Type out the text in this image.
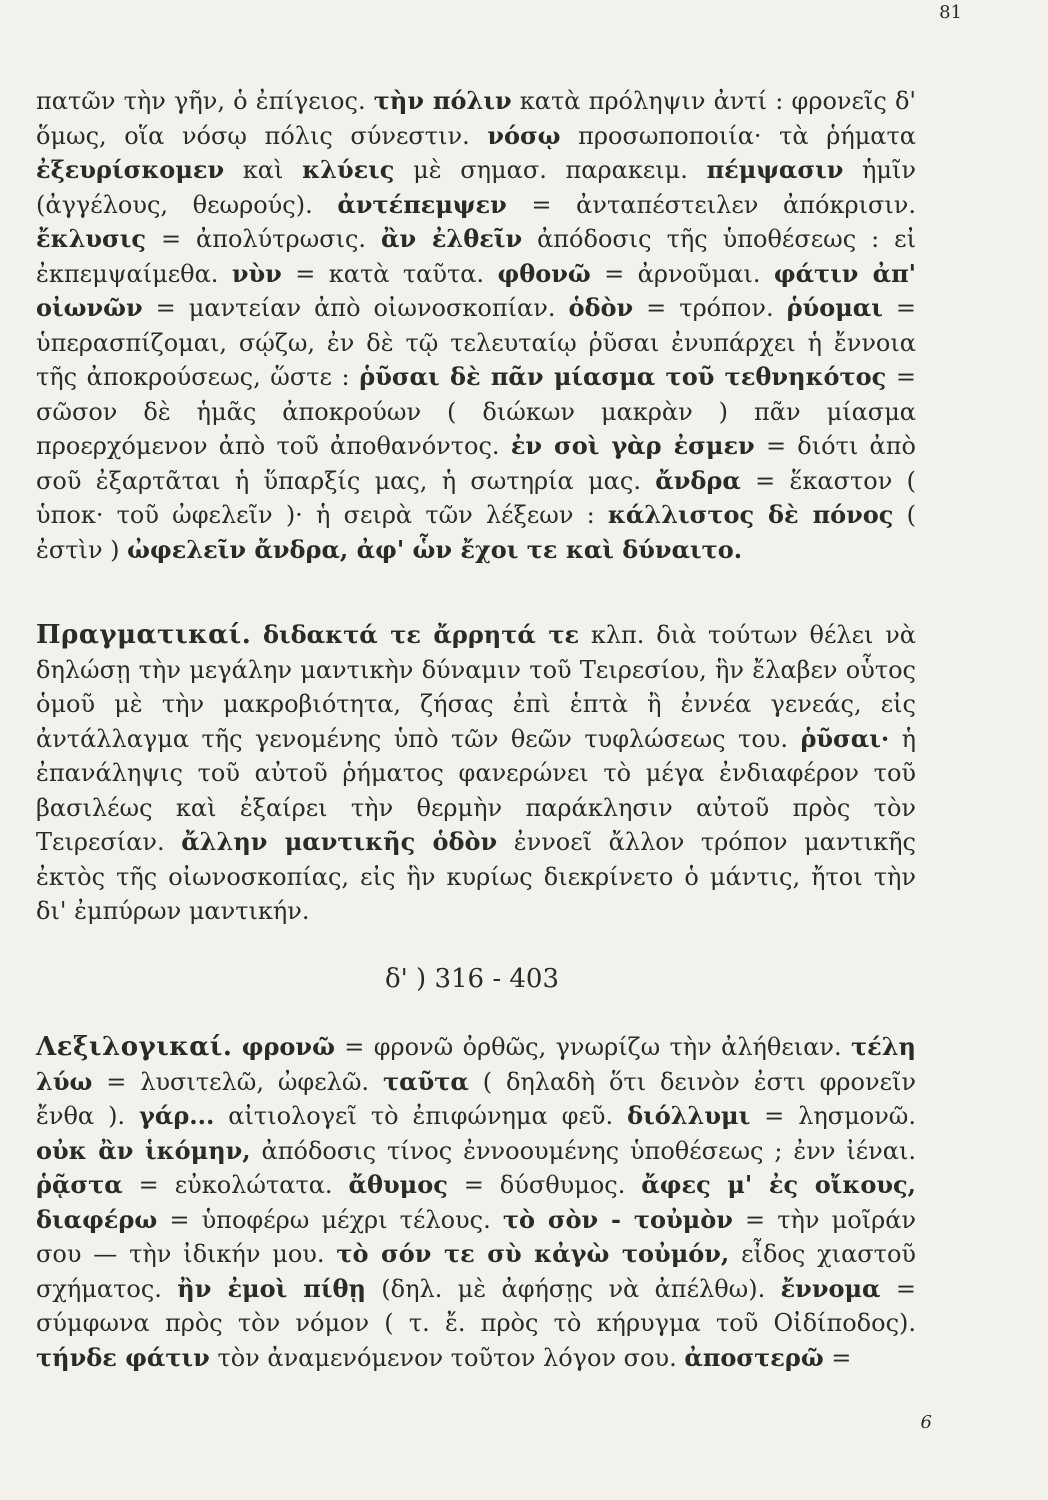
81

πατῶν τὴν γῆν, ὁ ἐπίγειος. τὴν πόλιν κατὰ πρόληψιν ἀντί : φρονεῖς δ' ὅμως, οἵα νόσῳ πόλις σύνεστιν. νόσῳ προσωποποιία· τὰ ῥήματα ἐξευρίσκομεν καὶ κλύεις μὲ σημασ. παρακειμ. πέμψασιν ἡμῖν (ἀγγέλους, θεωρούς). ἀντέπεμψεν = ἀνταπέστειλεν ἀπόκρισιν. ἔκλυσις = ἀπολύτρωσις. ἂν ἐλθεῖν ἀπόδοσις τῆς ὑποθέσεως : εἰ ἐκπεμψαίμεθα. νὺν = κατὰ ταῦτα. φθονῶ = ἀρνοῦμαι. φάτιν ἀπ' οἰωνῶν = μαντείαν ἀπὸ οἰωνοσκοπίαν. ὁδὸν = τρόπον. ῥύομαι = ὑπερασπίζομαι, σῴζω, ἐν δὲ τῷ τελευταίῳ ῥῦσαι ἐνυπάρχει ἡ ἔννοια τῆς ἀποκρούσεως, ὥστε : ῥῦσαι δὲ πᾶν μίασμα τοῦ τεθνηκότος = σῶσον δὲ ἡμᾶς ἀποκρούων ( διώκων μακρὰν ) πᾶν μίασμα προερχόμενον ἀπὸ τοῦ ἀποθανόντος. ἐν σοὶ γὰρ ἐσμεν = διότι ἀπὸ σοῦ ἐξαρτᾶται ἡ ὕπαρξίς μας, ἡ σωτηρία μας. ἄνδρα = ἕκαστον ( ὑποκ· τοῦ ὠφελεῖν )· ἡ σειρὰ τῶν λέξεων : κάλλιστος δὲ πόνος ( ἐστὶν ) ὠφελεῖν ἄνδρα, ἀφ' ὧν ἔχοι τε καὶ δύναιτο.

Πραγματικαί. διδακτά τε ἄρρητά τε κλπ. διὰ τούτων θέλει νὰ δηλώσῃ τὴν μεγάλην μαντικὴν δύναμιν τοῦ Τειρεσίου, ἣν ἔλαβεν οὗτος ὁμοῦ μὲ τὴν μακροβιότητα, ζήσας ἐπὶ ἑπτὰ ἢ ἐννέα γενεάς, εἰς ἀντάλλαγμα τῆς γενομένης ὑπὸ τῶν θεῶν τυφλώσεως του. ῥῦσαι· ἡ ἐπανάληψις τοῦ αὐτοῦ ῥήματος φανερώνει τὸ μέγα ἐνδιαφέρον τοῦ βασιλέως καὶ ἐξαίρει τὴν θερμὴν παράκλησιν αὐτοῦ πρὸς τὸν Τειρεσίαν. ἄλλην μαντικῆς ὁδὸν ἐννοεῖ ἄλλον τρόπον μαντικῆς ἐκτὸς τῆς οἰωνοσκοπίας, εἰς ἣν κυρίως διεκρίνετο ὁ μάντις, ἤτοι τὴν δι' ἐμπύρων μαντικήν.

δ' ) 316 - 403

Λεξιλογικαί. φρονῶ = φρονῶ ὀρθῶς, γνωρίζω τὴν ἀλήθειαν. τέλη λύω = λυσιτελῶ, ὠφελῶ. ταῦτα ( δηλαδὴ ὅτι δεινὸν ἐστι φρονεῖν ἔνθα ). γάρ... αἰτιολογεῖ τὸ ἐπιφώνημα φεῦ. διόλλυμι = λησμονῶ. οὐκ ἂν ἱκόμην, ἀπόδοσις τίνος ἐννοουμένης ὑποθέσεως ; ἐνν ἰέναι. ῥᾷστα = εὐκολώτατα. ἄθυμος = δύσθυμος. ἄφες μ' ἐς οἴκους, διαφέρω = ὑποφέρω μέχρι τέλους. τὸ σὸν - τοὐμὸν = τὴν μοῖράν σου — τὴν ἰδικήν μου. τὸ σόν τε σὺ κἀγὼ τοὐμόν, εἶδος χιαστοῦ σχήματος. ἢν ἐμοὶ πίθῃ (δηλ. μὲ ἀφήσῃς νὰ ἀπέλθω). ἔννομα = σύμφωνα πρὸς τὸν νόμον ( τ. ἔ. πρὸς τὸ κήρυγμα τοῦ Οἰδίποδος). τήνδε φάτιν τὸν ἀναμενόμενον τοῦτον λόγον σου. ἀποστερῶ =

6
